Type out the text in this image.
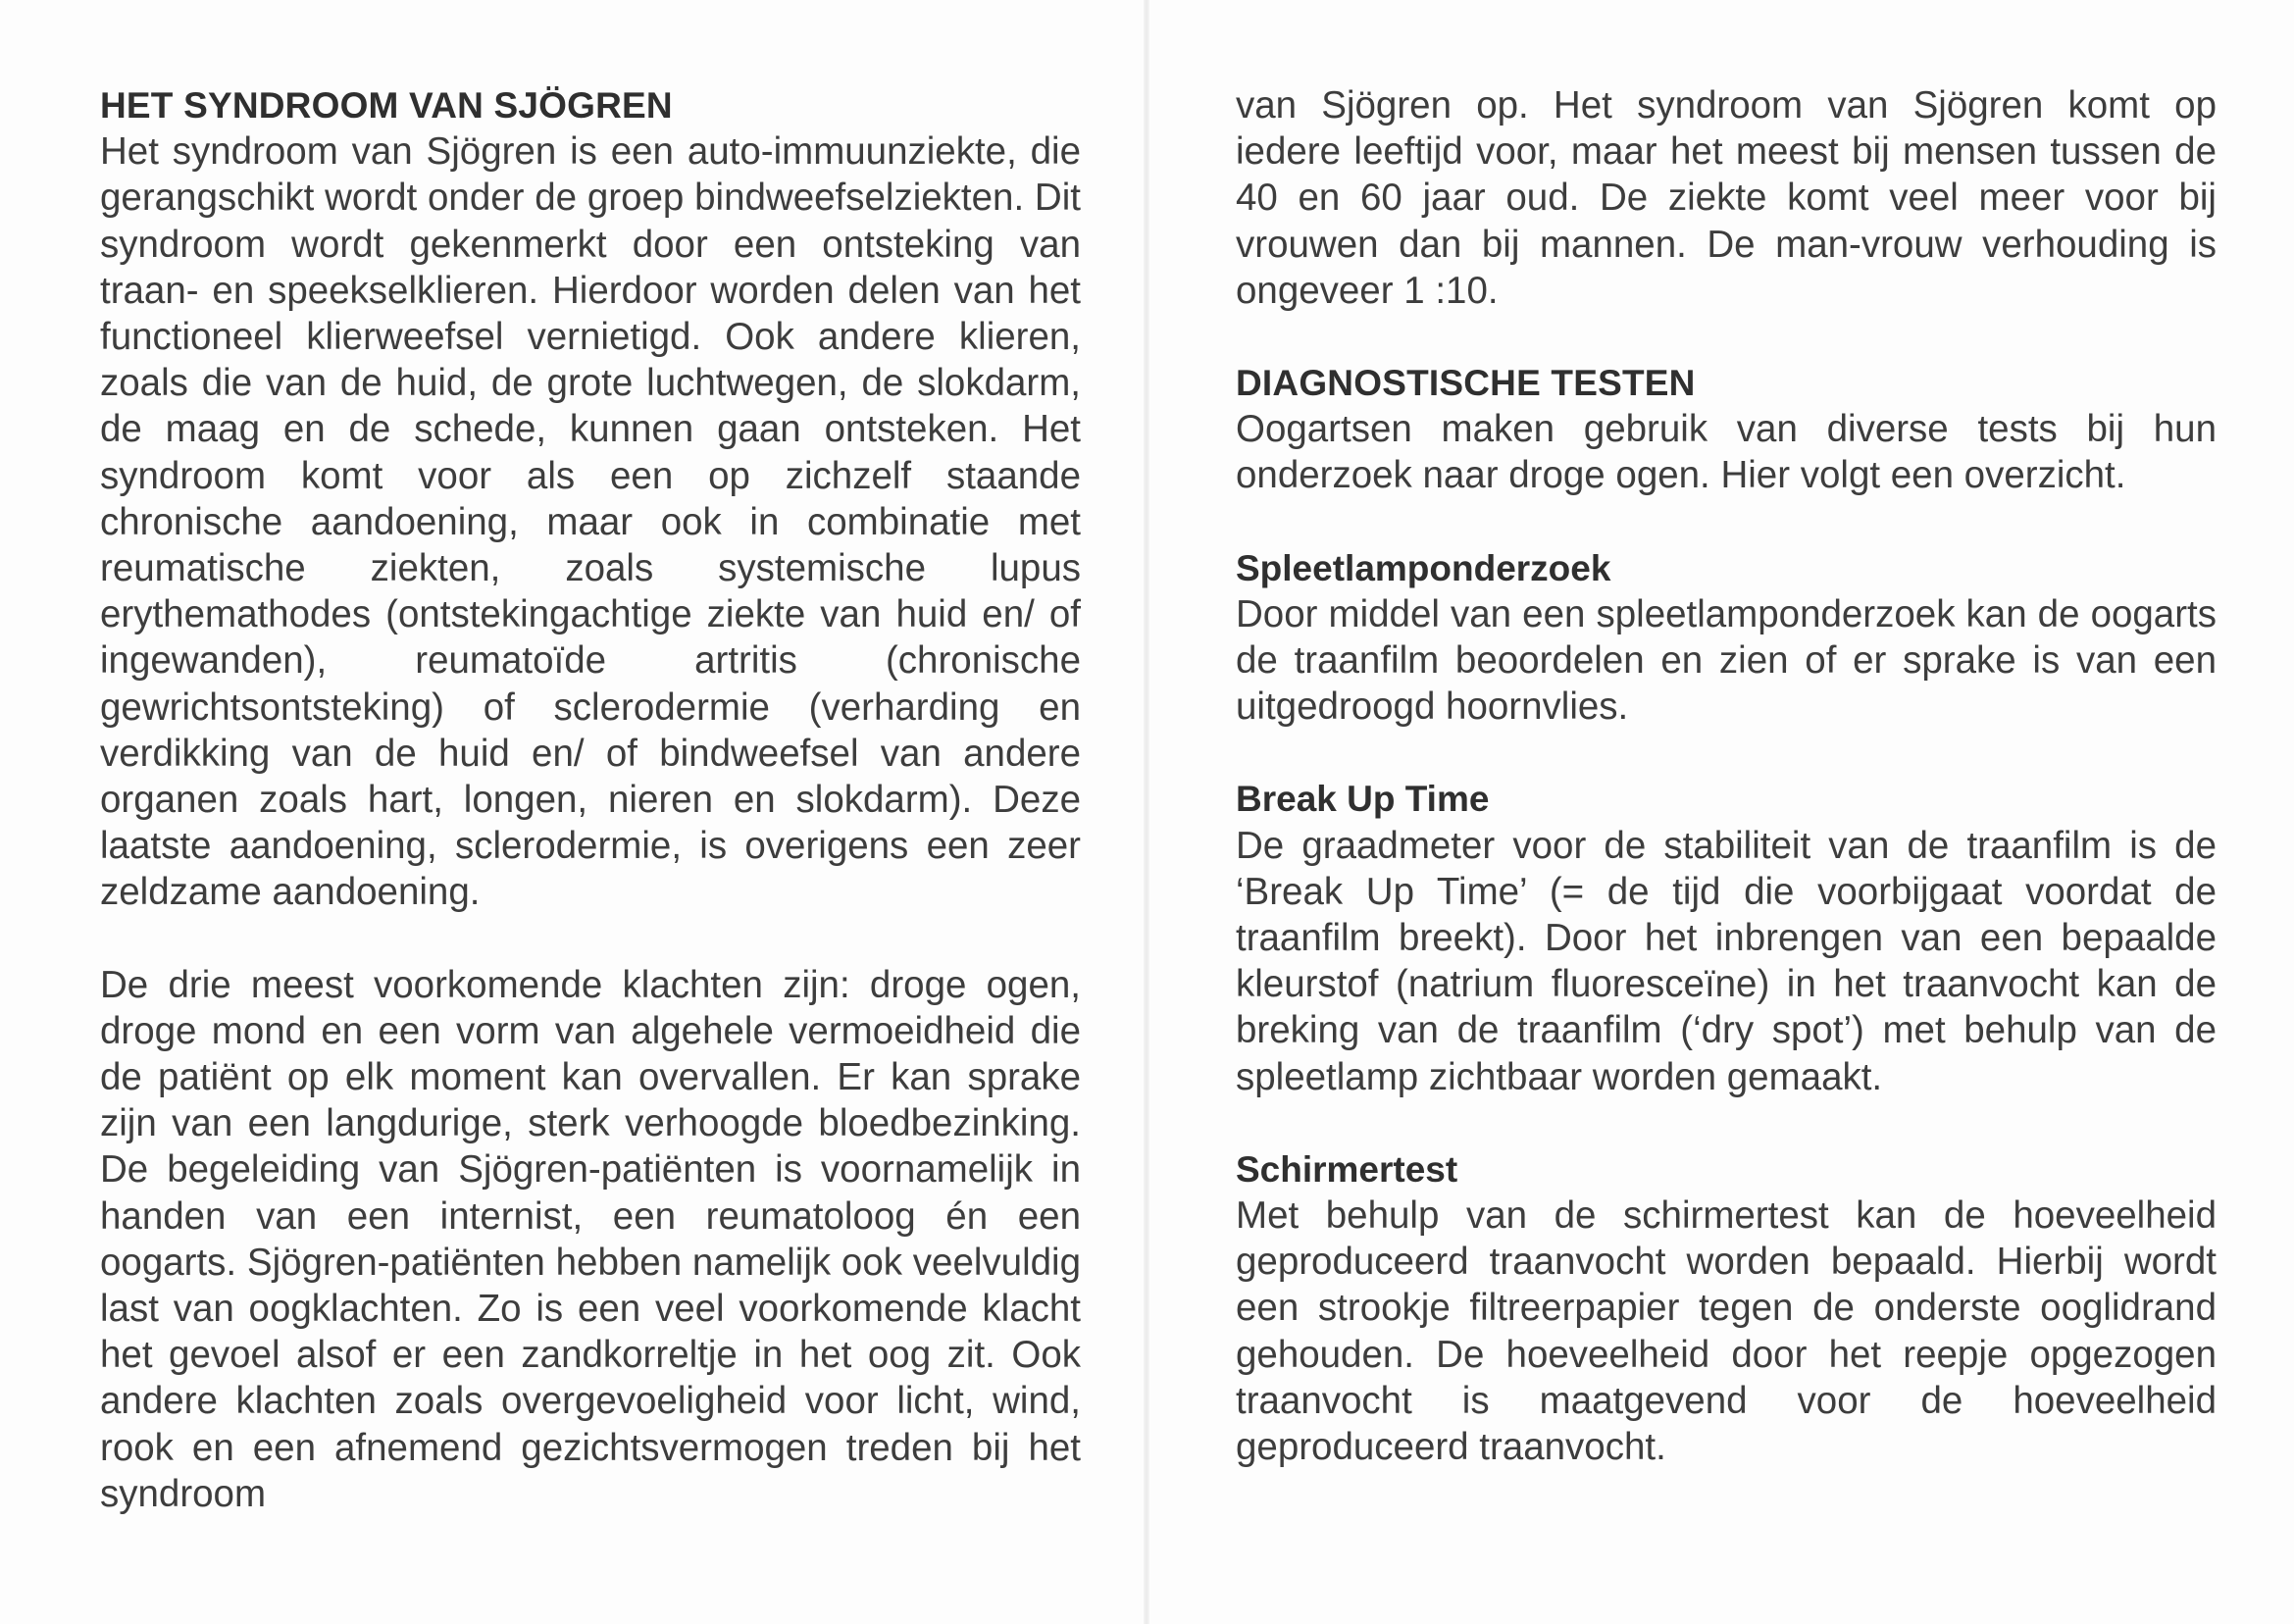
HET SYNDROOM VAN SJÖGREN

Het syndroom van Sjögren is een auto-immuunziekte, die gerangschikt wordt onder de groep bindweefselziekten. Dit syndroom wordt gekenmerkt door een ontsteking van traan- en speekselklieren. Hierdoor worden delen van het functioneel klierweefsel vernietigd. Ook andere klieren, zoals die van de huid, de grote luchtwegen, de slokdarm, de maag en de schede, kunnen gaan ontsteken. Het syndroom komt voor als een op zichzelf staande chronische aandoening, maar ook in combinatie met reumatische ziekten, zoals systemische lupus erythemathodes (ontstekingachtige ziekte van huid en/ of ingewanden), reumatoïde artritis (chronische gewrichtsontsteking) of sclerodermie (verharding en verdikking van de huid en/ of bindweefsel van andere organen zoals hart, longen, nieren en slokdarm). Deze laatste aandoening, sclerodermie, is overigens een zeer zeldzame aandoening.

De drie meest voorkomende klachten zijn: droge ogen, droge mond en een vorm van algehele vermoeidheid die de patiënt op elk moment kan overvallen. Er kan sprake zijn van een langdurige, sterk verhoogde bloedbezinking. De begeleiding van Sjögren-patiënten is voornamelijk in handen van een internist, een reumatoloog én een oogarts. Sjögren-patiënten hebben namelijk ook veelvuldig last van oogklachten. Zo is een veel voorkomende klacht het gevoel alsof er een zandkorreltje in het oog zit. Ook andere klachten zoals overgevoeligheid voor licht, wind, rook en een afnemend gezichtsvermogen treden bij het syndroom

van Sjögren op. Het syndroom van Sjögren komt op iedere leeftijd voor, maar het meest bij mensen tussen de 40 en 60 jaar oud. De ziekte komt veel meer voor bij vrouwen dan bij mannen. De man-vrouw verhouding is ongeveer 1 :10.

DIAGNOSTISCHE TESTEN

Oogartsen maken gebruik van diverse tests bij hun onderzoek naar droge ogen. Hier volgt een overzicht.

Spleetlamponderzoek

Door middel van een spleetlamponderzoek kan de oogarts de traanfilm beoordelen en zien of er sprake is van een uitgedroogd hoornvlies.

Break Up Time

De graadmeter voor de stabiliteit van de traanfilm is de ‘Break Up Time’ (= de tijd die voorbijgaat voordat de traanfilm breekt). Door het inbrengen van een bepaalde kleurstof (natrium fluoresceïne) in het traanvocht kan de breking van de traanfilm (‘dry spot’) met behulp van de spleetlamp zichtbaar worden gemaakt.

Schirmertest

Met behulp van de schirmertest kan de hoeveelheid geproduceerd traanvocht worden bepaald. Hierbij wordt een strookje filtreerpapier tegen de onderste ooglidrand gehouden. De hoeveelheid door het reepje opgezogen traanvocht is maatgevend voor de hoeveelheid geproduceerd traanvocht.
